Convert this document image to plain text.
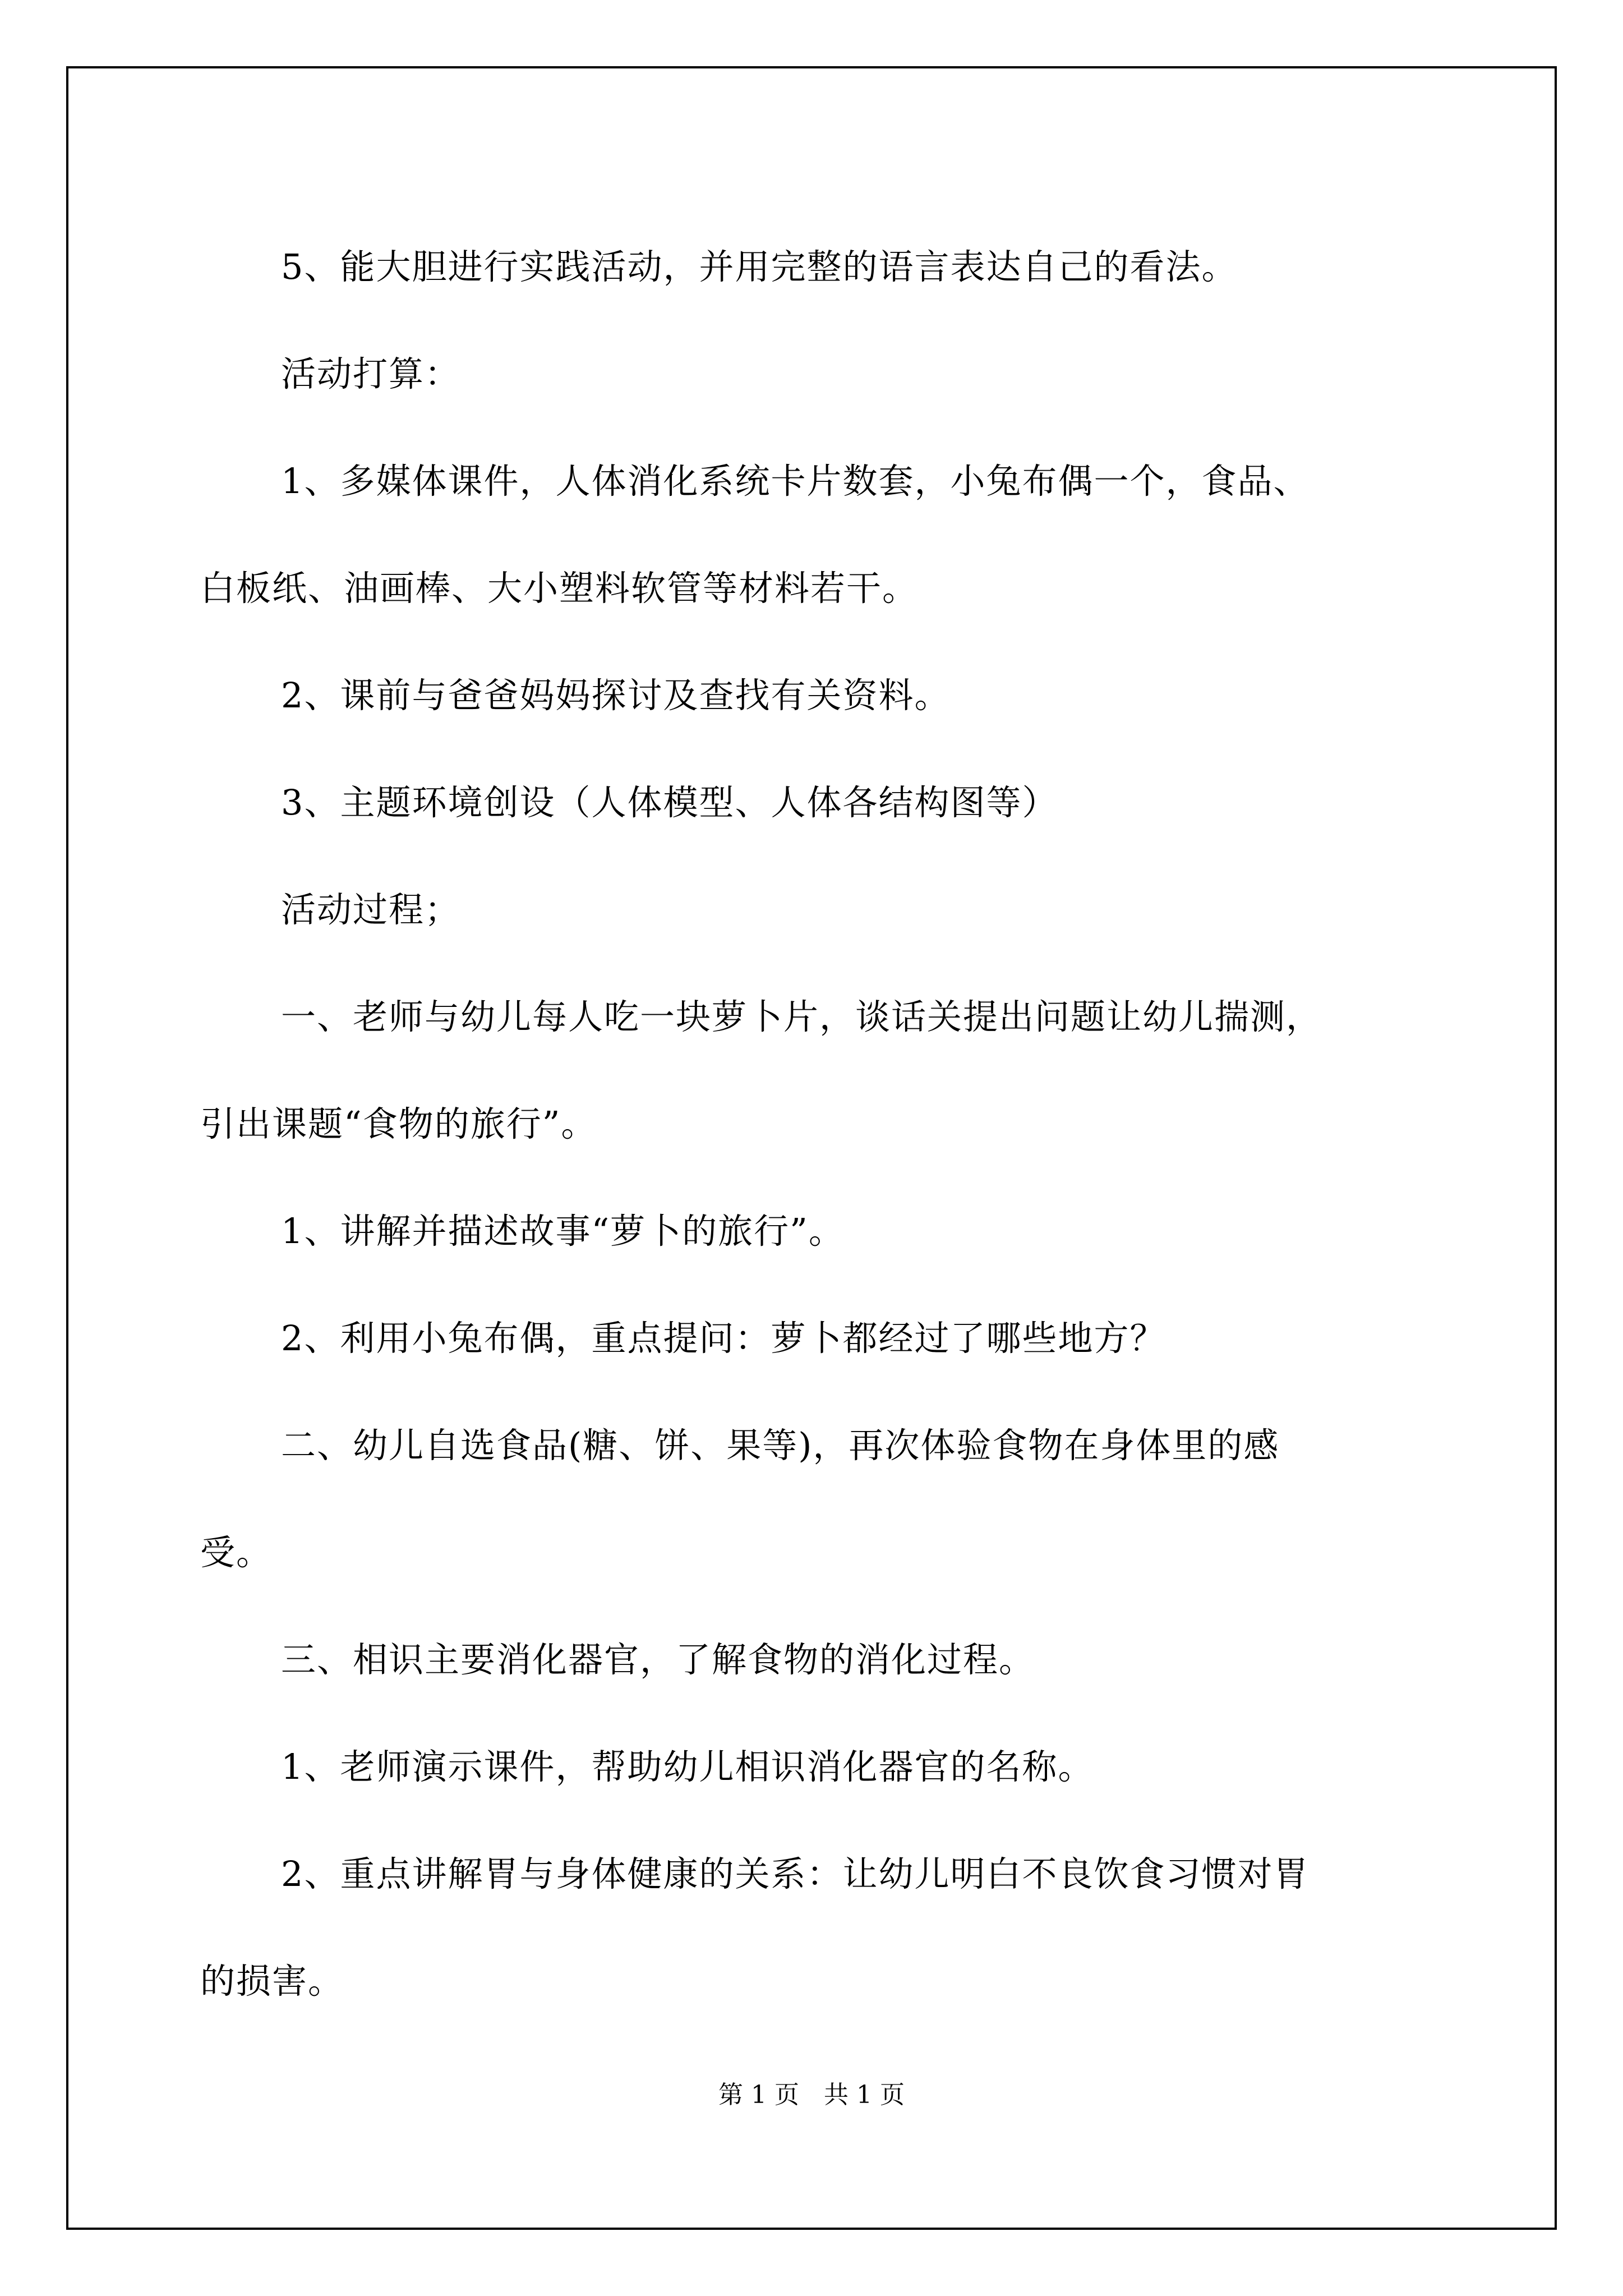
5、能大胆进行实践活动，并用完整的语言表达自己的看法。

活动打算：

1、多媒体课件，人体消化系统卡片数套，小兔布偶一个，食品、

白板纸、油画棒、大小塑料软管等材料若干。

2、课前与爸爸妈妈探讨及查找有关资料。

3、主题环境创设（人体模型、人体各结构图等）

活动过程；

一、老师与幼儿每人吃一块萝卜片，谈话关提出问题让幼儿揣测，

引出课题“食物的旅行”。

1、讲解并描述故事“萝卜的旅行”。

2、利用小兔布偶，重点提问：萝卜都经过了哪些地方？

二、幼儿自选食品(糖、饼、果等)，再次体验食物在身体里的感

受。

三、相识主要消化器官，了解食物的消化过程。

1、老师演示课件，帮助幼儿相识消化器官的名称。

2、重点讲解胃与身体健康的关系：让幼儿明白不良饮食习惯对胃

的损害。

第 1 页　共 1 页
